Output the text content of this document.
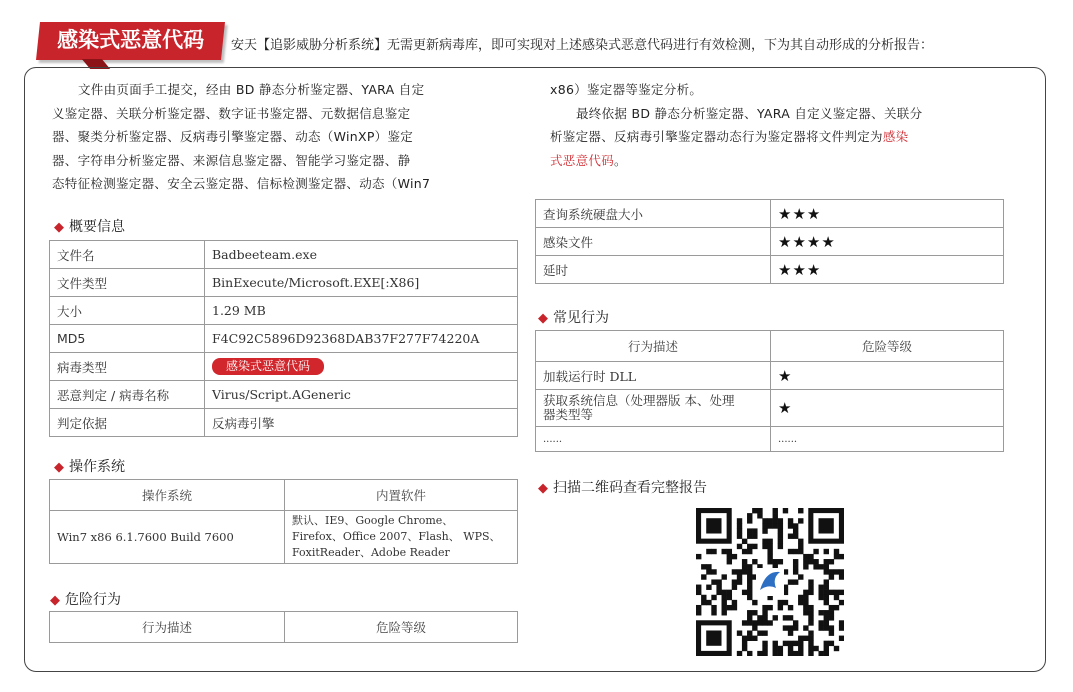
感染式恶意代码	安天【追影威胁分析系统】无需更新病毒库，即可实现对上述感染式恶意代码进行有效检测，下为其自动形成的分析报告：
文件由页面手工提交，经由 BD 静态分析鉴定器、YARA 自定
义鉴定器、关联分析鉴定器、数字证书鉴定器、元数据信息鉴定
器、聚类分析鉴定器、反病毒引擎鉴定器、动态（WinXP）鉴定
器、字符串分析鉴定器、来源信息鉴定器、智能学习鉴定器、静
态特征检测鉴定器、安全云鉴定器、信标检测鉴定器、动态（Win7
x86）鉴定器等鉴定分析。
最终依据 BD 静态分析鉴定器、YARA 自定义鉴定器、关联分
析鉴定器、反病毒引擎鉴定器动态行为鉴定器将文件判定为感染
式恶意代码。
◆ 概要信息
文件名	Badbeeteam.exe
文件类型	BinExecute/Microsoft.EXE[:X86]
大小	1.29 MB
MD5	F4C92C5896D92368DAB37F277F74220A
病毒类型	感染式恶意代码
恶意判定 / 病毒名称	Virus/Script.AGeneric
判定依据	反病毒引擎
◆ 操作系统
操作系统	内置软件
Win7 x86 6.1.7600 Build 7600	默认、IE9、Google Chrome、
Firefox、Office 2007、Flash、 WPS、
FoxitReader、Adobe Reader
◆ 危险行为
行为描述	危险等级
查询系统硬盘大小	★★★
感染文件	★★★★
延时	★★★
◆ 常见行为
行为描述	危险等级
加载运行时 DLL	★

获取系统信息（处理器版 本、处理
器类型等	★
......	......
◆ 扫描二维码查看完整报告
